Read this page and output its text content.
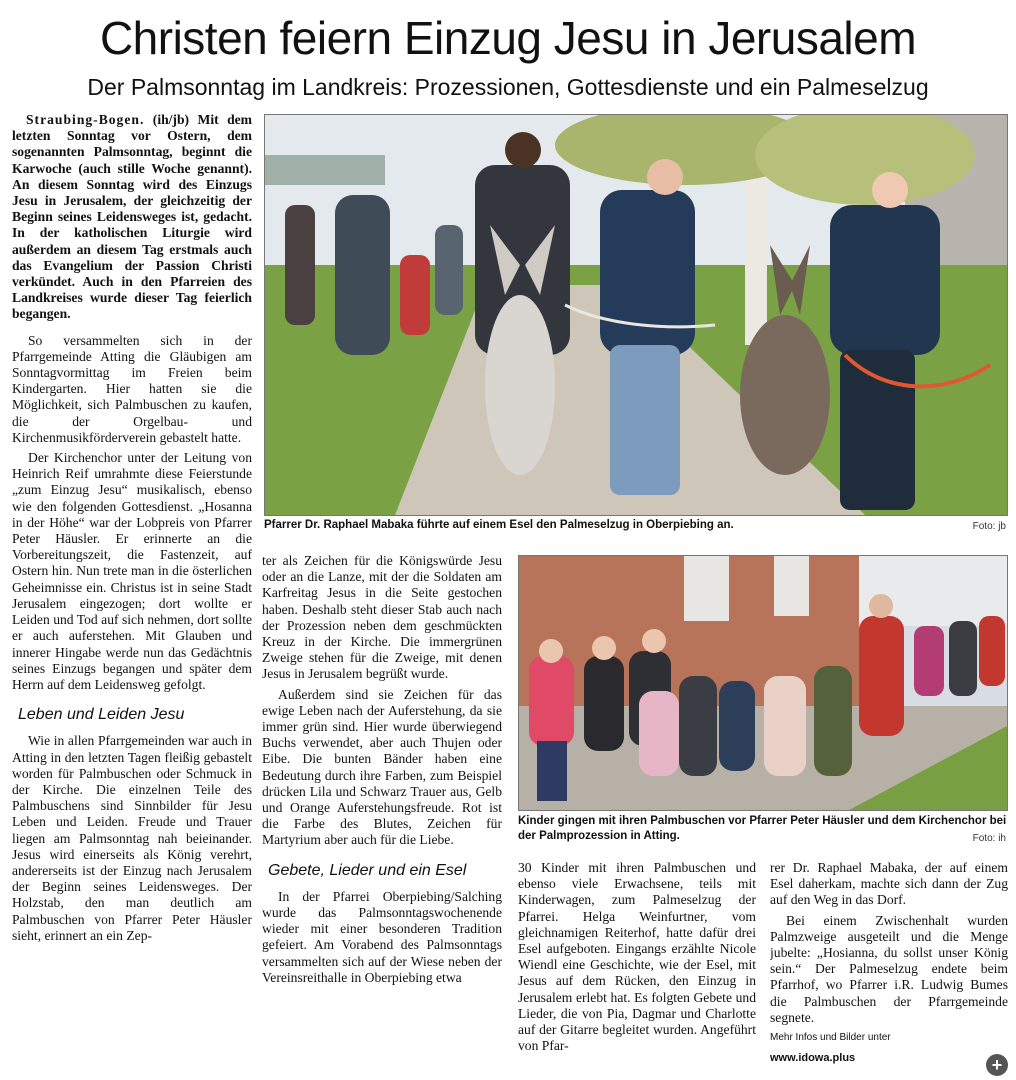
Christen feiern Einzug Jesu in Jerusalem
Der Palmsonntag im Landkreis: Prozessionen, Gottesdienste und ein Palmeselzug

Straubing-Bogen. (ih/jb) Mit dem letzten Sonntag vor Ostern, dem sogenannten Palmsonntag, beginnt die Karwoche (auch stille Woche genannt). An diesem Sonntag wird des Einzugs Jesu in Jerusalem, der gleichzeitig der Beginn seines Leidensweges ist, gedacht. In der katholischen Liturgie wird außerdem an diesem Tag erstmals auch das Evangelium der Passion Christi verkündet. Auch in den Pfarreien des Landkreises wurde dieser Tag feierlich begangen.

So versammelten sich in der Pfarrgemeinde Atting die Gläubigen am Sonntagvormittag im Freien beim Kindergarten. Hier hatten sie die Möglichkeit, sich Palmbuschen zu kaufen, die der Orgelbau- und Kirchenmusikförderverein gebastelt hatte.

Der Kirchenchor unter der Leitung von Heinrich Reif umrahmte diese Feierstunde „zum Einzug Jesu“ musikalisch, ebenso wie den folgenden Gottesdienst. „Hosanna in der Höhe“ war der Lobpreis von Pfarrer Peter Häusler. Er erinnerte an die Vorbereitungszeit, die Fastenzeit, auf Ostern hin. Nun trete man in die österlichen Geheimnisse ein. Christus ist in seine Stadt Jerusalem eingezogen; dort wollte er Leiden und Tod auf sich nehmen, dort sollte er auch auferstehen. Mit Glauben und innerer Hingabe werde nun das Gedächtnis seines Einzugs begangen und später dem Herrn auf dem Leidensweg gefolgt.

Leben und Leiden Jesu

Wie in allen Pfarrgemeinden war auch in Atting in den letzten Tagen fleißig gebastelt worden für Palmbuschen oder Schmuck in der Kirche. Die einzelnen Teile des Palmbuschens sind Sinnbilder für Jesu Leben und Leiden. Freude und Trauer liegen am Palmsonntag nah beieinander. Jesus wird einerseits als König verehrt, andererseits ist der Einzug nach Jerusalem der Beginn seines Leidensweges. Der Holzstab, den man deutlich am Palmbuschen von Pfarrer Peter Häusler sieht, erinnert an ein Zep-

Pfarrer Dr. Raphael Mabaka führte auf einem Esel den Palmeselzug in Oberpiebing an.	Foto: jb

ter als Zeichen für die Königswürde Jesu oder an die Lanze, mit der die Soldaten am Karfreitag Jesus in die Seite gestochen haben. Deshalb steht dieser Stab auch nach der Prozession neben dem geschmückten Kreuz in der Kirche. Die immergrünen Zweige stehen für die Zweige, mit denen Jesus in Jerusalem begrüßt wurde.

Außerdem sind sie Zeichen für das ewige Leben nach der Auferstehung, da sie immer grün sind. Hier wurde überwiegend Buchs verwendet, aber auch Thujen oder Eibe. Die bunten Bänder haben eine Bedeutung durch ihre Farben, zum Beispiel drücken Lila und Schwarz Trauer aus, Gelb und Orange Auferstehungsfreude. Rot ist die Farbe des Blutes, Zeichen für Martyrium aber auch für die Liebe.

Gebete, Lieder und ein Esel

In der Pfarrei Oberpiebing/Salching wurde das Palmsonntagswochenende wieder mit einer besonderen Tradition gefeiert. Am Vorabend des Palmsonntags versammelten sich auf der Wiese neben der Vereinsreithalle in Oberpiebing etwa

Kinder gingen mit ihren Palmbuschen vor Pfarrer Peter Häusler und dem Kirchenchor bei der Palmprozession in Atting.	Foto: ih

30 Kinder mit ihren Palmbuschen und ebenso viele Erwachsene, teils mit Kinderwagen, zum Palmeselzug der Pfarrei. Helga Weinfurtner, vom gleichnamigen Reiterhof, hatte dafür drei Esel aufgeboten. Eingangs erzählte Nicole Wiendl eine Geschichte, wie der Esel, mit Jesus auf dem Rücken, den Einzug in Jerusalem erlebt hat. Es folgten Gebete und Lieder, die von Pia, Dagmar und Charlotte auf der Gitarre begleitet wurden. Angeführt von Pfar-

rer Dr. Raphael Mabaka, der auf einem Esel daherkam, machte sich dann der Zug auf den Weg in das Dorf.

Bei einem Zwischenhalt wurden Palmzweige ausgeteilt und die Menge jubelte: „Hosianna, du sollst unser König sein.“ Der Palmeselzug endete beim Pfarrhof, wo Pfarrer i.R. Ludwig Bumes die Palmbuschen der Pfarrgemeinde segnete.

Mehr Infos und Bilder unter
www.idowa.plus	+
